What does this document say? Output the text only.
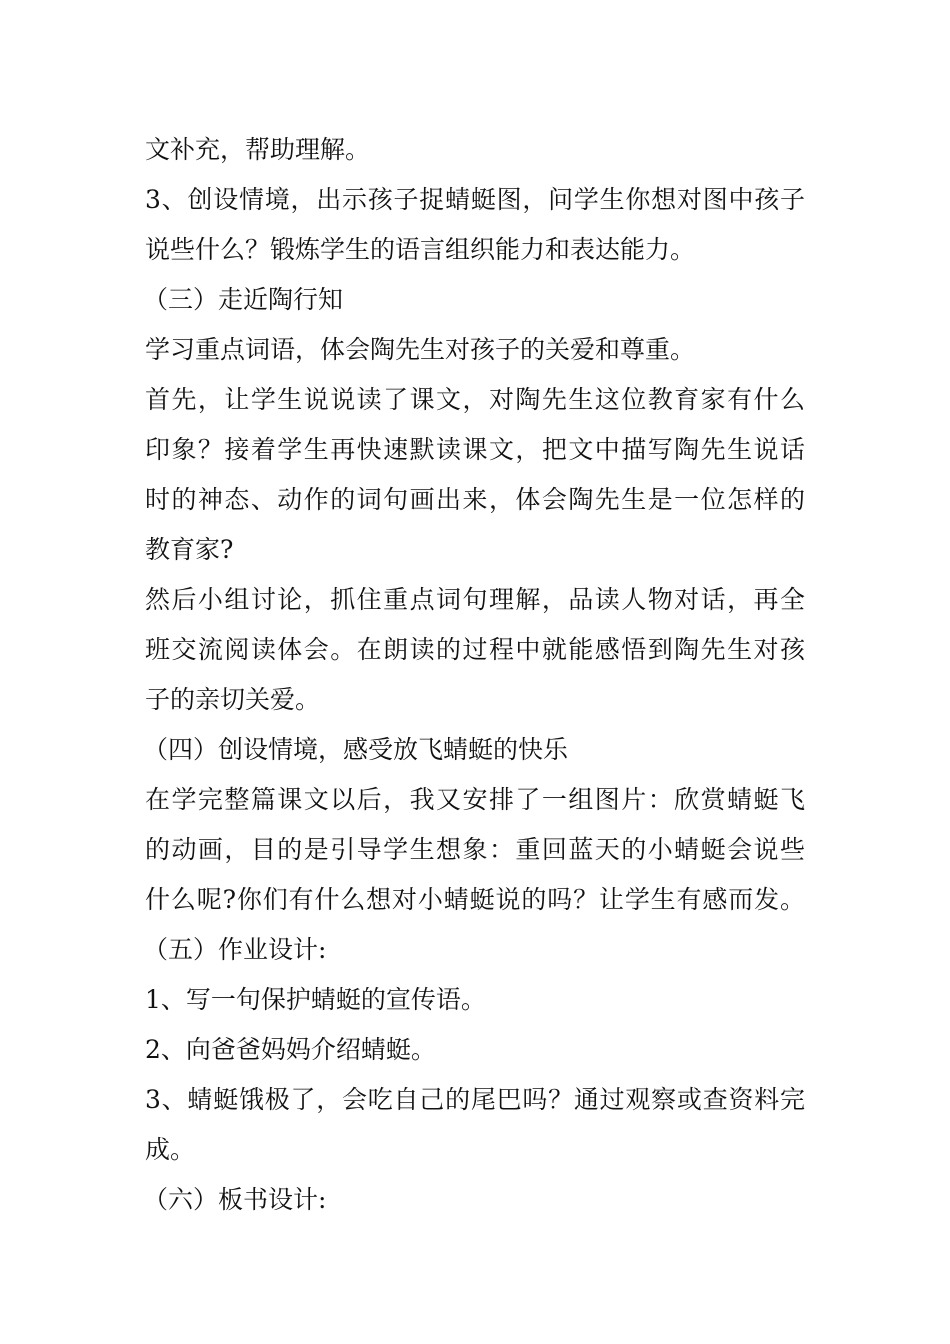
文补充，帮助理解。
3、创设情境，出示孩子捉蜻蜓图，问学生你想对图中孩子
说些什么？锻炼学生的语言组织能力和表达能力。
（三）走近陶行知
学习重点词语，体会陶先生对孩子的关爱和尊重。
首先，让学生说说读了课文，对陶先生这位教育家有什么
印象？接着学生再快速默读课文，把文中描写陶先生说话
时的神态、动作的词句画出来，体会陶先生是一位怎样的
教育家?
然后小组讨论，抓住重点词句理解，品读人物对话，再全
班交流阅读体会。在朗读的过程中就能感悟到陶先生对孩
子的亲切关爱。
（四）创设情境，感受放飞蜻蜓的快乐
在学完整篇课文以后，我又安排了一组图片：欣赏蜻蜓飞
的动画，目的是引导学生想象：重回蓝天的小蜻蜓会说些
什么呢?你们有什么想对小蜻蜓说的吗？让学生有感而发。
（五）作业设计:
1、写一句保护蜻蜓的宣传语。
2、向爸爸妈妈介绍蜻蜓。
3、蜻蜓饿极了，会吃自己的尾巴吗？通过观察或查资料完
成。
（六）板书设计:
